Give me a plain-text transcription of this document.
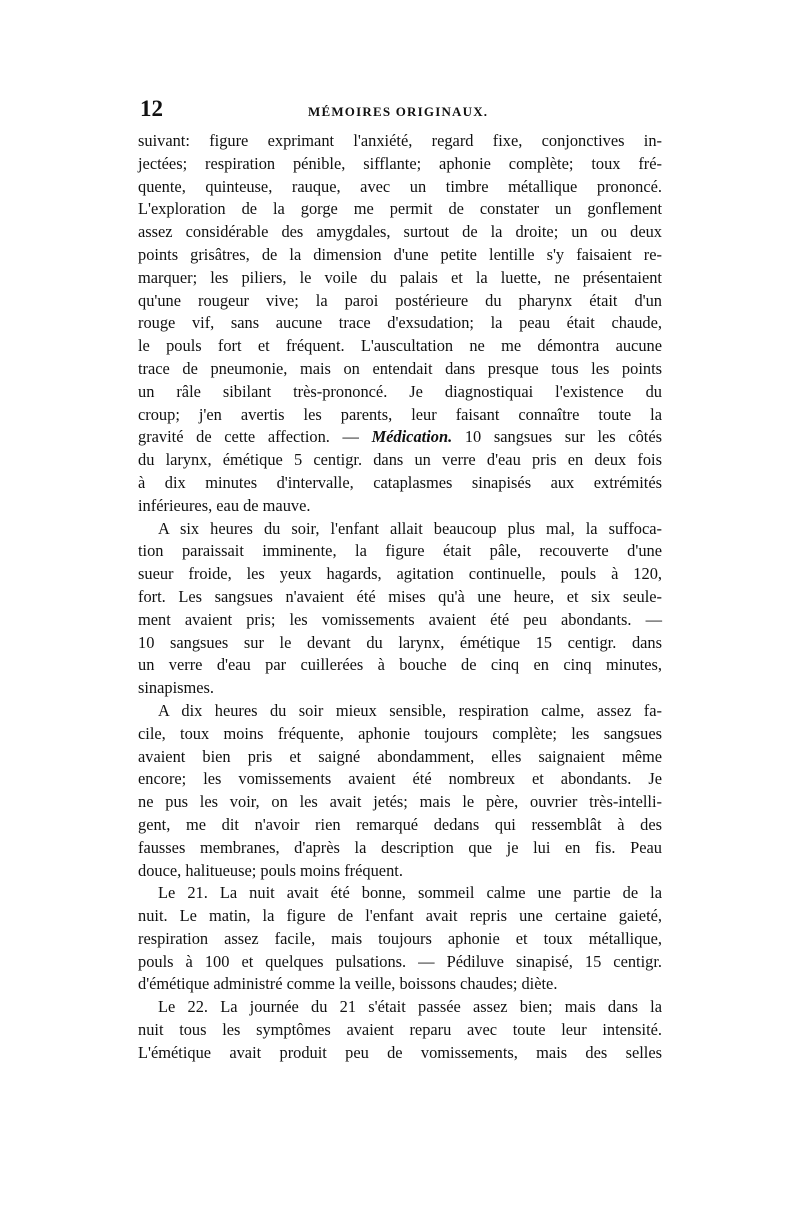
12	MÉMOIRES ORIGINAUX.

suivant: figure exprimant l'anxiété, regard fixe, conjonctives in-

jectées; respiration pénible, sifflante; aphonie complète; toux fré-

quente, quinteuse, rauque, avec un timbre métallique prononcé.

L'exploration de la gorge me permit de constater un gonflement

assez considérable des amygdales, surtout de la droite; un ou deux

points grisâtres, de la dimension d'une petite lentille s'y faisaient re-

marquer; les piliers, le voile du palais et la luette, ne présentaient

qu'une rougeur vive; la paroi postérieure du pharynx était d'un

rouge vif, sans aucune trace d'exsudation; la peau était chaude,

le pouls fort et fréquent. L'auscultation ne me démontra aucune

trace de pneumonie, mais on entendait dans presque tous les points

un râle sibilant très-prononcé. Je diagnostiquai l'existence du

croup; j'en avertis les parents, leur faisant connaître toute la

gravité de cette affection. — Médication. 10 sangsues sur les côtés

du larynx, émétique 5 centigr. dans un verre d'eau pris en deux fois

à dix minutes d'intervalle, cataplasmes sinapisés aux extrémités

inférieures, eau de mauve.

A six heures du soir, l'enfant allait beaucoup plus mal, la suffoca-

tion paraissait imminente, la figure était pâle, recouverte d'une

sueur froide, les yeux hagards, agitation continuelle, pouls à 120,

fort. Les sangsues n'avaient été mises qu'à une heure, et six seule-

ment avaient pris; les vomissements avaient été peu abondants. —

10 sangsues sur le devant du larynx, émétique 15 centigr. dans

un verre d'eau par cuillerées à bouche de cinq en cinq minutes,

sinapismes.

A dix heures du soir mieux sensible, respiration calme, assez fa-

cile, toux moins fréquente, aphonie toujours complète; les sangsues

avaient bien pris et saigné abondamment, elles saignaient même

encore; les vomissements avaient été nombreux et abondants. Je

ne pus les voir, on les avait jetés; mais le père, ouvrier très-intelli-

gent, me dit n'avoir rien remarqué dedans qui ressemblât à des

fausses membranes, d'après la description que je lui en fis. Peau

douce, halitueuse; pouls moins fréquent.

Le 21. La nuit avait été bonne, sommeil calme une partie de la

nuit. Le matin, la figure de l'enfant avait repris une certaine gaieté,

respiration assez facile, mais toujours aphonie et toux métallique,

pouls à 100 et quelques pulsations. — Pédiluve sinapisé, 15 centigr.

d'émétique administré comme la veille, boissons chaudes; diète.

Le 22. La journée du 21 s'était passée assez bien; mais dans la

nuit tous les symptômes avaient reparu avec toute leur intensité.

L'émétique avait produit peu de vomissements, mais des selles
